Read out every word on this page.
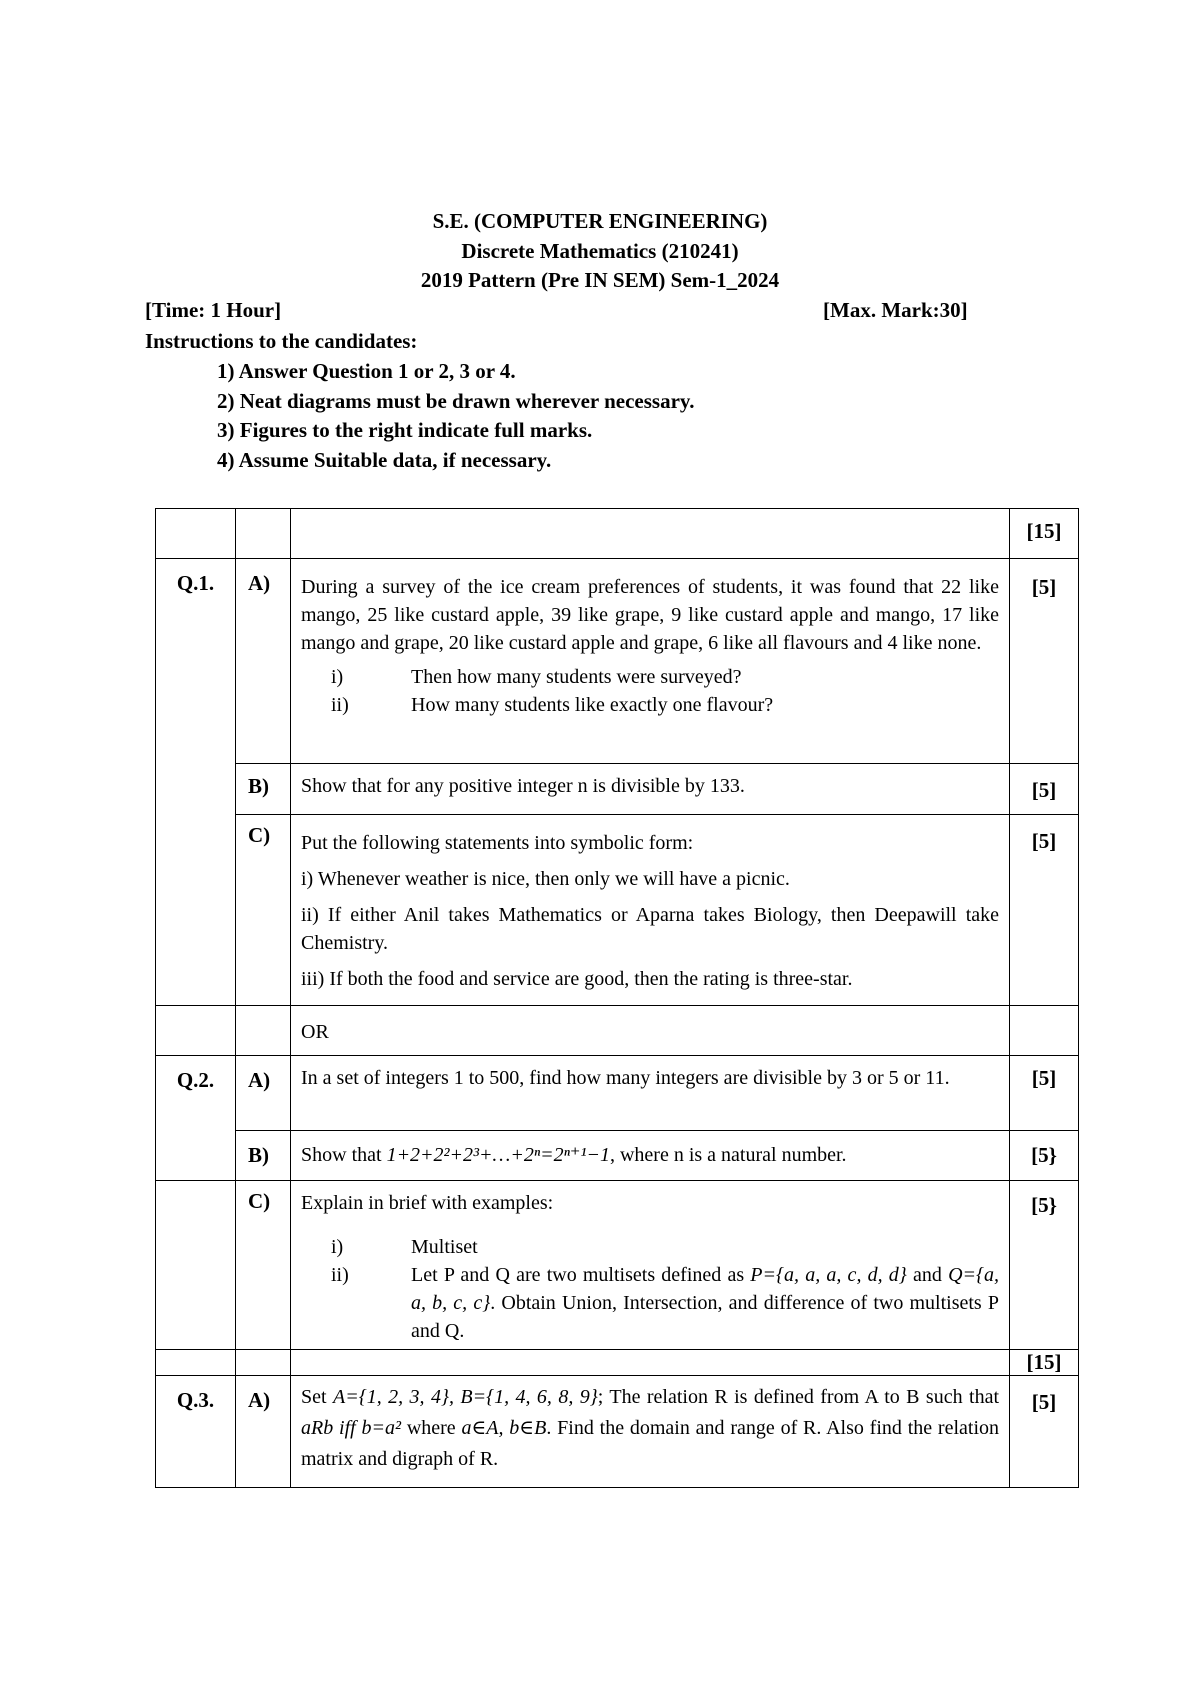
S.E. (COMPUTER ENGINEERING)
Discrete Mathematics (210241)
2019 Pattern (Pre IN SEM) Sem-1_2024
[Time: 1 Hour]	[Max. Mark:30]
Instructions to the candidates:
1) Answer Question 1 or 2, 3 or 4.
2) Neat diagrams must be drawn wherever necessary.
3) Figures to the right indicate full marks.
4) Assume Suitable data, if necessary.
			[15]
Q.1.	A)	During a survey of the ice cream preferences of students, it was found that 22 like mango, 25 like custard apple, 39 like grape, 9 like custard apple and mango, 17 like mango and grape, 20 like custard apple and grape, 6 like all flavours and 4 like none.
i) Then how many students were surveyed?
ii) How many students like exactly one flavour?	[5]
	B)	Show that for any positive integer n is divisible by 133.	[5]
	C)	Put the following statements into symbolic form:
i) Whenever weather is nice, then only we will have a picnic.
ii) If either Anil takes Mathematics or Aparna takes Biology, then Deepawill take Chemistry.
iii) If both the food and service are good, then the rating is three-star.	[5]
		OR	
Q.2.	A)	In a set of integers 1 to 500, find how many integers are divisible by 3 or 5 or 11.	[5]
	B)	Show that 1+2+2²+2³+…+2ⁿ=2ⁿ⁺¹−1, where n is a natural number.	[5}
	C)	Explain in brief with examples:
i) Multiset
ii) Let P and Q are two multisets defined as P={a, a, a, c, d, d} and Q={a, a, b, c, c}. Obtain Union, Intersection, and difference of two multisets P and Q.	[5}
			[15]
Q.3.	A)	Set A={1, 2, 3, 4}, B={1, 4, 6, 8, 9}; The relation R is defined from A to B such that aRb iff b=a² where a∈A, b∈B. Find the domain and range of R. Also find the relation matrix and digraph of R.	[5]
